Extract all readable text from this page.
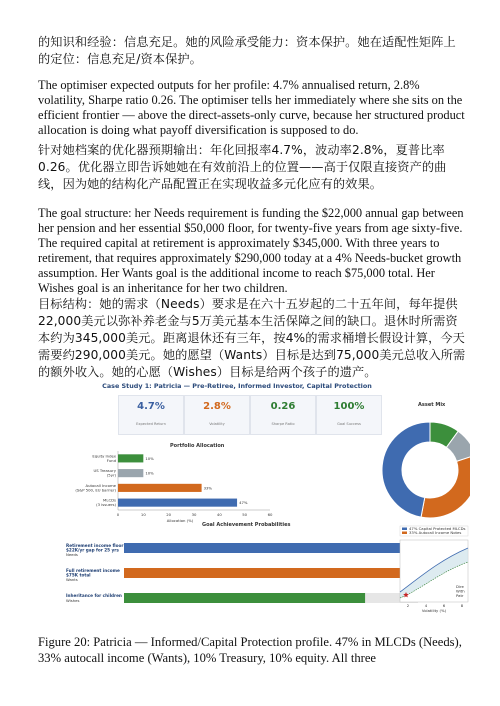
的知识和经验：信息充足。她的风险承受能力：资本保护。她在适配性矩阵上的定位：信息充足/资本保护。

The optimiser expected outputs for her profile: 4.7% annualised return, 2.8% volatility, Sharpe ratio 0.26. The optimiser tells her immediately where she sits on the efficient frontier — above the direct-assets-only curve, because her structured product allocation is doing what payoff diversification is supposed to do.

针对她档案的优化器预期输出：年化回报率4.7%，波动率2.8%，夏普比率0.26。优化器立即告诉她她在有效前沿上的位置——高于仅限直接资产的曲线，因为她的结构化产品配置正在实现收益多元化应有的效果。

The goal structure: her Needs requirement is funding the $22,000 annual gap between her pension and her essential $50,000 floor, for twenty-five years from age sixty-five. The required capital at retirement is approximately $345,000. With three years to retirement, that requires approximately $290,000 today at a 4% Needs-bucket growth assumption. Her Wants goal is the additional income to reach $75,000 total. Her Wishes goal is an inheritance for her two children.

目标结构：她的需求（Needs）要求是在六十五岁起的二十五年间，每年提供22,000美元以弥补养老金与5万美元基本生活保障之间的缺口。退休时所需资本约为345,000美元。距离退休还有三年，按4%的需求桶增长假设计算，今天需要约290,000美元。她的愿望（Wants）目标是达到75,000美元总收入所需的额外收入。她的心愿（Wishes）目标是给两个孩子的遗产。

Case Study 1: Patricia — Pre-Retiree, Informed Investor, Capital Protection
4.7%
Expected Return
2.8%
Volatility
0.26
Sharpe Ratio
100%
Goal Success
Portfolio Allocation
Asset Mix
Goal Achievement Probabilities
0	10	20	30	40	50	60
Allocation (%)
10%
Equity Index
Fund
10%
US Treasury
(5yr)
33%
Autocall Income
(S&P 500, EU barrier)
47%
MLCDs
(3 issuers)
Retirement income floor
$22K/yr gap for 25 yrs
Needs
Full retirement income
$75K total
Wants
Inheritance for children
Wishes
47% Capital Protected MLCDs
33% Autocall Income Notes
Dire
With
Patr
2	4	6	8
Volatility (%)

Figure 20: Patricia — Informed/Capital Protection profile. 47% in MLCDs (Needs), 33% autocall income (Wants), 10% Treasury, 10% equity. All three
